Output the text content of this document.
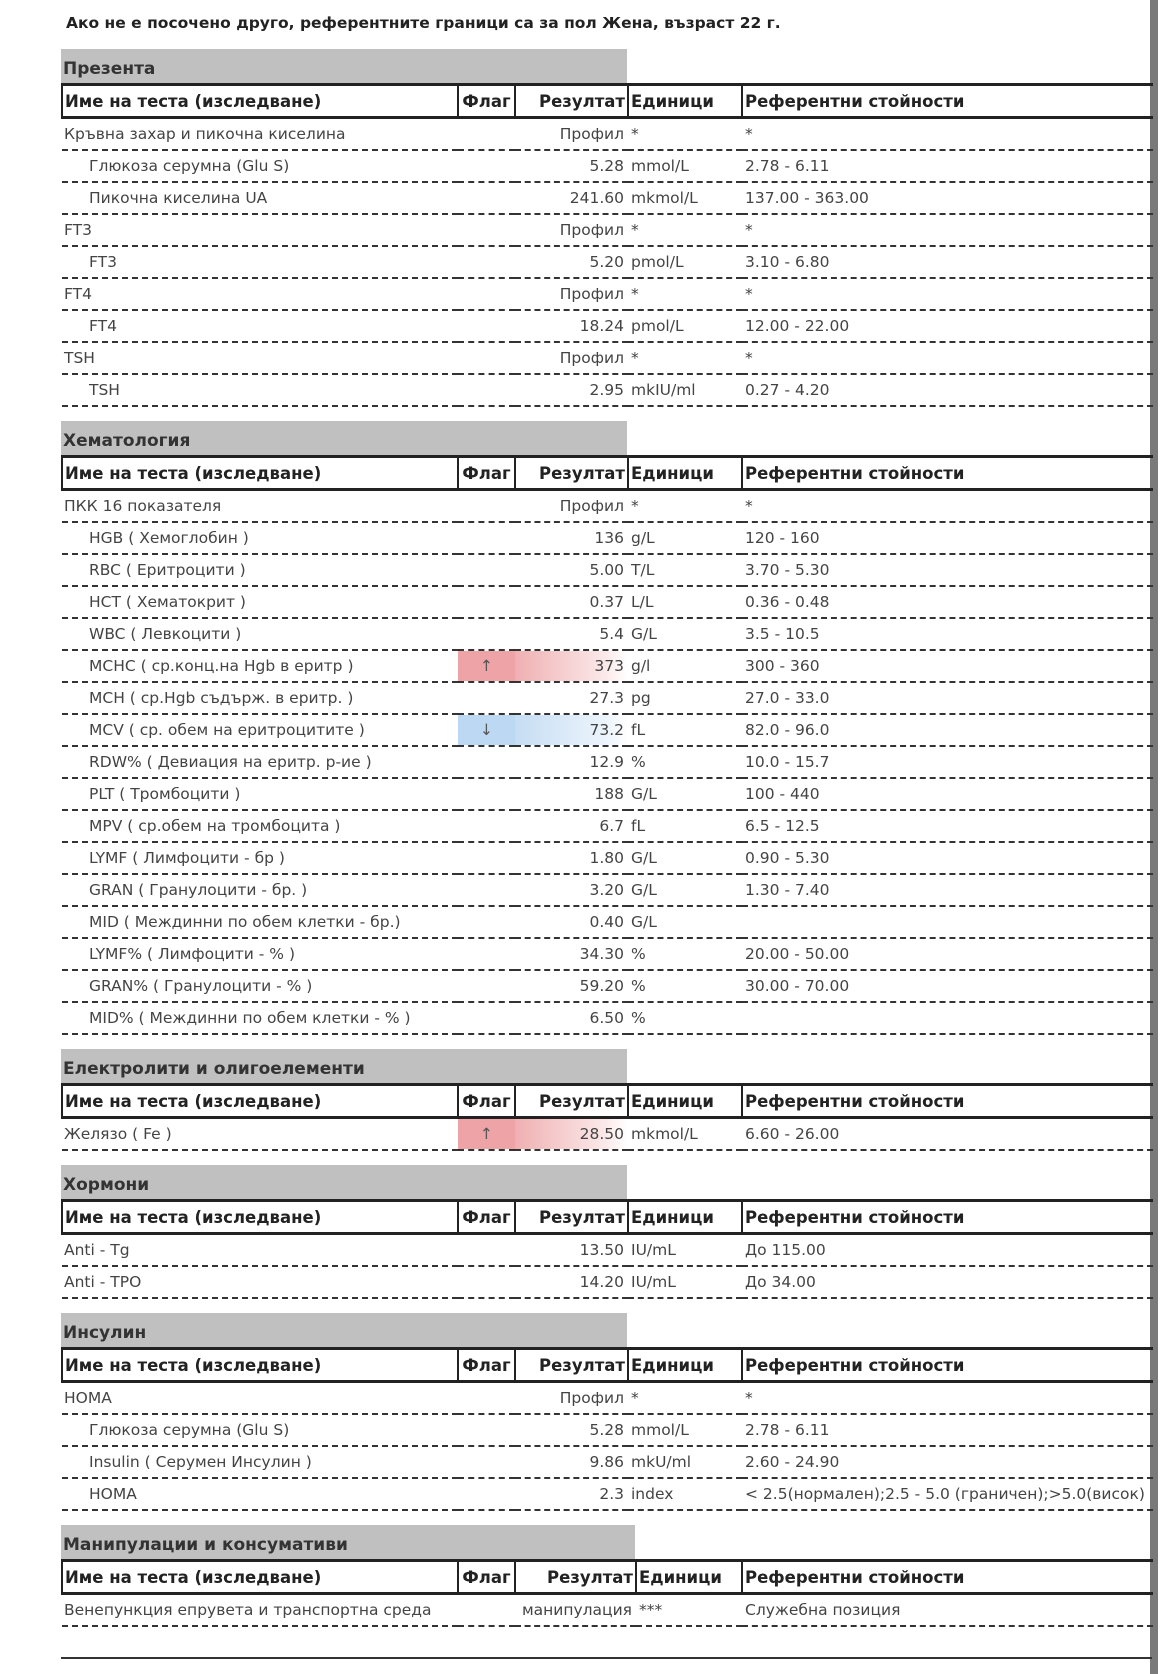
Ако не е посочено друго, референтните граници са за пол Жена, възраст 22 г.
Презента
Име на теста (изследване)	Флаг	Резултат	Единици	Референтни стойности
Кръвна захар и пикочна киселина		Профил	*	*
Глюкоза серумна (Glu S)		5.28	mmol/L	2.78 - 6.11
Пикочна киселина UA		241.60	mkmol/L	137.00 - 363.00
FT3		Профил	*	*
FT3		5.20	pmol/L	3.10 - 6.80
FT4		Профил	*	*
FT4		18.24	pmol/L	12.00 - 22.00
TSH		Профил	*	*
TSH		2.95	mkIU/ml	0.27 - 4.20
Хематология
Име на теста (изследване)	Флаг	Резултат	Единици	Референтни стойности
ПКК 16 показателя		Профил	*	*
HGB ( Хемоглобин )		136	g/L	120 - 160
RBC ( Еритроцити )		5.00	T/L	3.70 - 5.30
HCT ( Хематокрит )		0.37	L/L	0.36 - 0.48
WBC ( Левкоцити )		5.4	G/L	3.5 - 10.5
MCHC ( ср.конц.на Hgb в еритр )	↑	373	g/l	300 - 360
MCH ( ср.Hgb съдърж. в еритр. )		27.3	pg	27.0 - 33.0
MCV ( ср. обем на еритроцитите )	↓	73.2	fL	82.0 - 96.0
RDW% ( Девиация на еритр. р-ие )		12.9	%	10.0 - 15.7
PLT ( Тромбоцити )		188	G/L	100 - 440
MPV ( ср.обем на тромбоцита )		6.7	fL	6.5 - 12.5
LYMF ( Лимфоцити - бр )		1.80	G/L	0.90 - 5.30
GRAN ( Гранулоцити - бр. )		3.20	G/L	1.30 - 7.40
MID ( Междинни по обем клетки - бр.)		0.40	G/L	
LYMF% ( Лимфоцити - % )		34.30	%	20.00 - 50.00
GRAN% ( Гранулоцити - % )		59.20	%	30.00 - 70.00
MID% ( Междинни по обем клетки - % )		6.50	%	
Електролити и олигоелементи
Име на теста (изследване)	Флаг	Резултат	Единици	Референтни стойности
Желязо ( Fe )	↑	28.50	mkmol/L	6.60 - 26.00
Хормони
Име на теста (изследване)	Флаг	Резултат	Единици	Референтни стойности
Anti - Tg		13.50	IU/mL	До 115.00
Anti - TPO		14.20	IU/mL	До 34.00
Инсулин
Име на теста (изследване)	Флаг	Резултат	Единици	Референтни стойности
HOMA		Профил	*	*
Глюкоза серумна (Glu S)		5.28	mmol/L	2.78 - 6.11
Insulin ( Серумен Инсулин )		9.86	mkU/ml	2.60 - 24.90
HOMA		2.3	index	< 2.5(нормален);2.5 - 5.0 (граничен);>5.0(висок)
Манипулации и консумативи
Име на теста (изследване)	Флаг	Резултат	Единици	Референтни стойности
Венепункция епрувета и транспортна среда		манипулация	***	Служебна позиция
